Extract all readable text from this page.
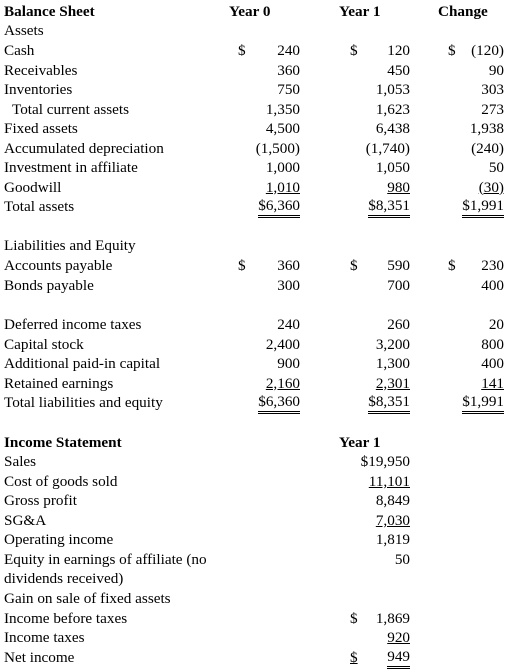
Balance Sheet	Year 0	Year 1	Change
Assets
Cash	$ 240	$ 120	$ (120)
Receivables	360	450	90
Inventories	750	1,053	303
Total current assets	1,350	1,623	273
Fixed assets	4,500	6,438	1,938
Accumulated depreciation	(1,500)	(1,740)	(240)
Investment in affiliate	1,000	1,050	50
Goodwill	1,010	980	(30)
Total assets	$6,360	$8,351	$1,991
Liabilities and Equity
Accounts payable	$ 360	$ 590	$ 230
Bonds payable	300	700	400
Deferred income taxes	240	260	20
Capital stock	2,400	3,200	800
Additional paid-in capital	900	1,300	400
Retained earnings	2,160	2,301	141
Total liabilities and equity	$6,360	$8,351	$1,991
Income Statement	Year 1
Sales	$19,950
Cost of goods sold	11,101
Gross profit	8,849
SG&A	7,030
Operating income	1,819
Equity in earnings of affiliate (no	50
dividends received)
Gain on sale of fixed assets
Income before taxes	$ 1,869
Income taxes	920
Net income	$ 949
